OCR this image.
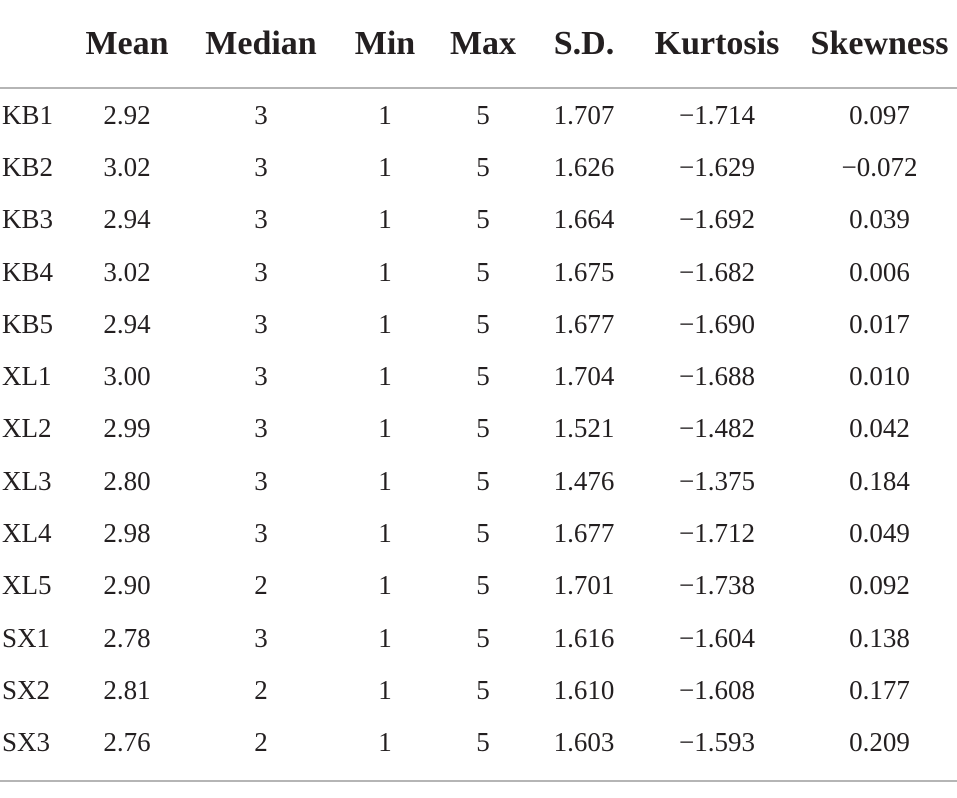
	Mean	Median	Min	Max	S.D.	Kurtosis	Skewness
KB1	2.92	3	1	5	1.707	−1.714	0.097
KB2	3.02	3	1	5	1.626	−1.629	−0.072
KB3	2.94	3	1	5	1.664	−1.692	0.039
KB4	3.02	3	1	5	1.675	−1.682	0.006
KB5	2.94	3	1	5	1.677	−1.690	0.017
XL1	3.00	3	1	5	1.704	−1.688	0.010
XL2	2.99	3	1	5	1.521	−1.482	0.042
XL3	2.80	3	1	5	1.476	−1.375	0.184
XL4	2.98	3	1	5	1.677	−1.712	0.049
XL5	2.90	2	1	5	1.701	−1.738	0.092
SX1	2.78	3	1	5	1.616	−1.604	0.138
SX2	2.81	2	1	5	1.610	−1.608	0.177
SX3	2.76	2	1	5	1.603	−1.593	0.209
